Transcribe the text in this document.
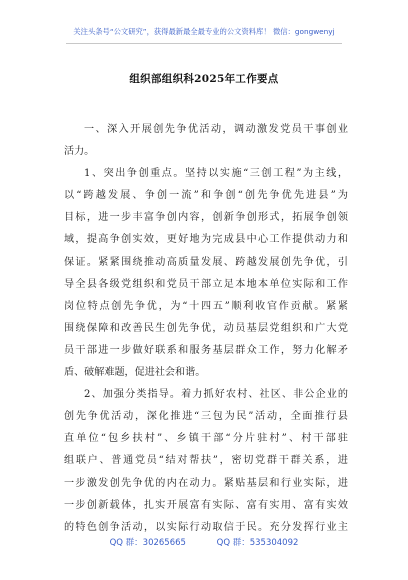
关注头条号“公文研究”，获得最新最全最专业的公文资料库！ 微信：gongwenyj
组织部组织科2025年工作要点
一、深入开展创先争优活动，调动激发党员干事创业
活力。
1、突出争创重点。坚持以实施“三创工程”为主线，
以“跨越发展、争创一流”和争创“创先争优先进县”为
目标，进一步丰富争创内容，创新争创形式，拓展争创领
域，提高争创实效，更好地为完成县中心工作提供动力和
保证。紧紧围绕推动高质量发展、跨越发展创先争优，引
导全县各级党组织和党员干部立足本地本单位实际和工作
岗位特点创先争优，为“十四五”顺利收官作贡献。紧紧
围绕保障和改善民生创先争优，动员基层党组织和广大党
员干部进一步做好联系和服务基层群众工作，努力化解矛
盾、破解难题，促进社会和谐。
2、加强分类指导。着力抓好农村、社区、非公企业的
创先争优活动，深化推进“三包为民”活动，全面推行县
直单位“包乡扶村”、乡镇干部“分片驻村”、村干部驻
组联户、普通党员“结对帮扶”，密切党群干群关系，进
一步激发创先争优的内在动力。紧贴基层和行业实际，进
一步创新载体，扎实开展富有实际、富有实用、富有实效
的特色创争活动，以实际行动取信于民。充分发挥行业主
QQ 群：30265665	QQ 群：535304092
